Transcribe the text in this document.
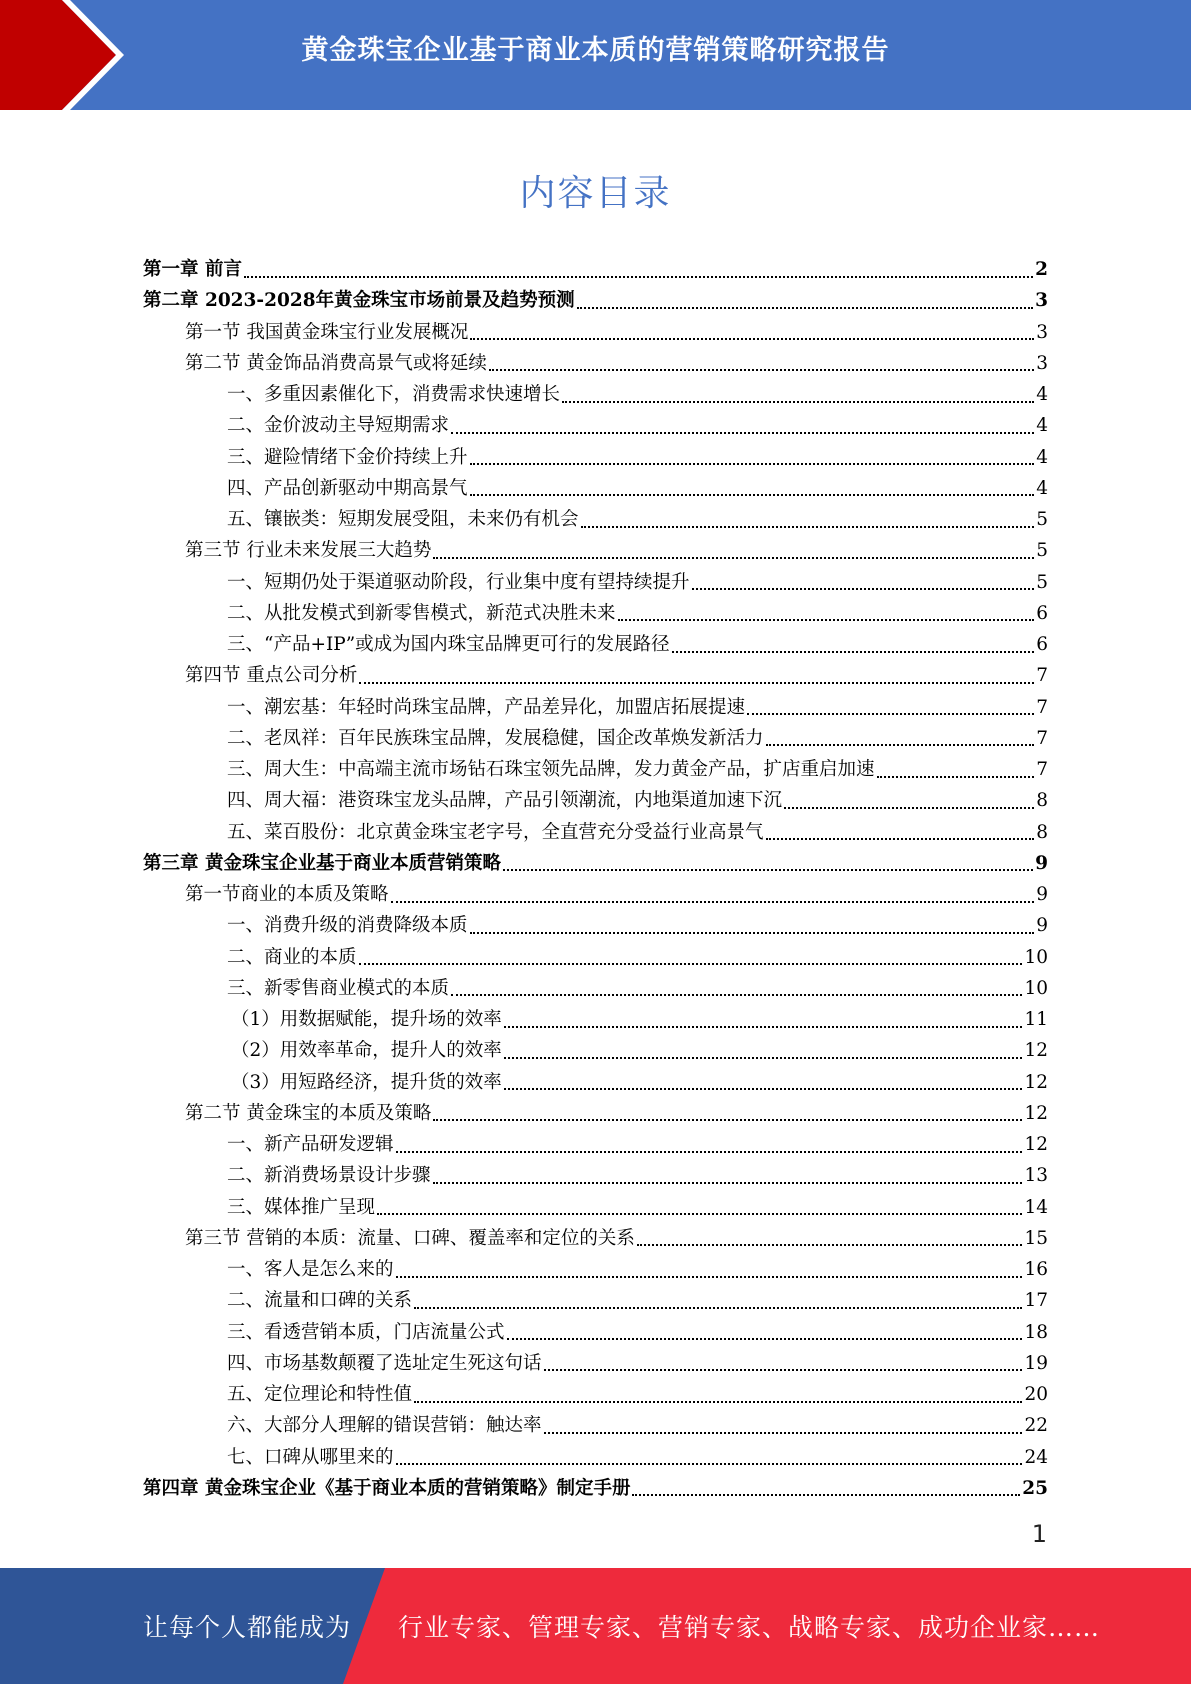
黄金珠宝企业基于商业本质的营销策略研究报告
内容目录
第一章 前言	2
第二章 2023-2028年黄金珠宝市场前景及趋势预测	3
第一节 我国黄金珠宝行业发展概况	3
第二节 黄金饰品消费高景气或将延续	3
一、多重因素催化下，消费需求快速增长	4
二、金价波动主导短期需求	4
三、避险情绪下金价持续上升	4
四、产品创新驱动中期高景气	4
五、镶嵌类：短期发展受阻，未来仍有机会	5
第三节 行业未来发展三大趋势	5
一、短期仍处于渠道驱动阶段，行业集中度有望持续提升	5
二、从批发模式到新零售模式，新范式决胜未来	6
三、“产品+IP”或成为国内珠宝品牌更可行的发展路径	6
第四节 重点公司分析	7
一、潮宏基：年轻时尚珠宝品牌，产品差异化，加盟店拓展提速	7
二、老凤祥：百年民族珠宝品牌，发展稳健，国企改革焕发新活力	7
三、周大生：中高端主流市场钻石珠宝领先品牌，发力黄金产品，扩店重启加速	7
四、周大福：港资珠宝龙头品牌，产品引领潮流，内地渠道加速下沉	8
五、菜百股份：北京黄金珠宝老字号，全直营充分受益行业高景气	8
第三章 黄金珠宝企业基于商业本质营销策略	9
第一节商业的本质及策略	9
一、消费升级的消费降级本质	9
二、商业的本质	10
三、新零售商业模式的本质	10
（1）用数据赋能，提升场的效率	11
（2）用效率革命，提升人的效率	12
（3）用短路经济，提升货的效率	12
第二节 黄金珠宝的本质及策略	12
一、新产品研发逻辑	12
二、新消费场景设计步骤	13
三、媒体推广呈现	14
第三节 营销的本质：流量、口碑、覆盖率和定位的关系	15
一、客人是怎么来的	16
二、流量和口碑的关系	17
三、看透营销本质，门店流量公式	18
四、市场基数颠覆了选址定生死这句话	19
五、定位理论和特性值	20
六、大部分人理解的错误营销：触达率	22
七、口碑从哪里来的	24
第四章 黄金珠宝企业《基于商业本质的营销策略》制定手册	25
1
让每个人都能成为 行业专家、管理专家、营销专家、战略专家、成功企业家……
